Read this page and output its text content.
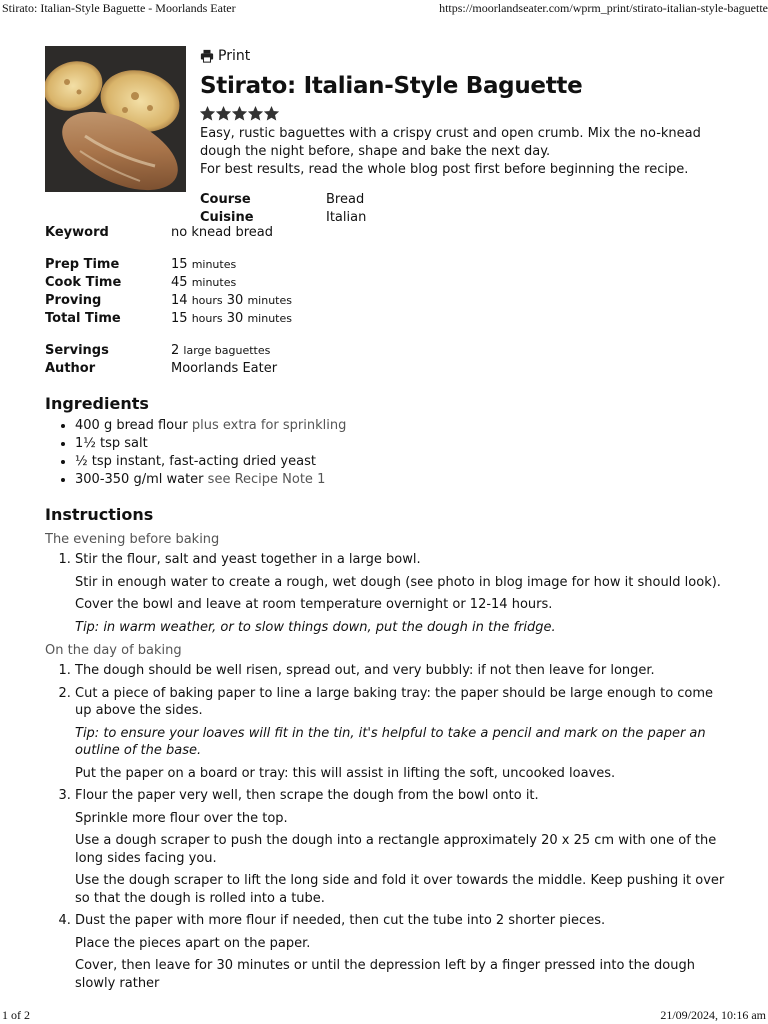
Stirato: Italian-Style Baguette - Moorlands Eater	https://moorlandseater.com/wprm_print/stirato-italian-style-baguette
Print
Stirato: Italian-Style Baguette

Easy, rustic baguettes with a crispy crust and open crumb. Mix the no-knead dough the night before, shape and bake the next day.

For best results, read the whole blog post first before beginning the recipe.

Course	Bread
Cuisine	Italian
Keyword	no knead bread
Prep Time	15 minutes
Cook Time	45 minutes
Proving	14 hours 30 minutes
Total Time	15 hours 30 minutes
Servings	2 large baguettes
Author	Moorlands Eater
Ingredients
• 400 g bread flour plus extra for sprinkling
• 1½ tsp salt
• ½ tsp instant, fast-acting dried yeast
• 300-350 g/ml water see Recipe Note 1
Instructions
The evening before baking

1. Stir the flour, salt and yeast together in a large bowl.

Stir in enough water to create a rough, wet dough (see photo in blog image for how it should look).

Cover the bowl and leave at room temperature overnight or 12-14 hours.

Tip: in warm weather, or to slow things down, put the dough in the fridge.

On the day of baking

1. The dough should be well risen, spread out, and very bubbly: if not then leave for longer.

2. Cut a piece of baking paper to line a large baking tray: the paper should be large enough to come up above the sides.

Tip: to ensure your loaves will fit in the tin, it's helpful to take a pencil and mark on the paper an outline of the base.

Put the paper on a board or tray: this will assist in lifting the soft, uncooked loaves.

3. Flour the paper very well, then scrape the dough from the bowl onto it.

Sprinkle more flour over the top.

Use a dough scraper to push the dough into a rectangle approximately 20 x 25 cm with one of the long sides facing you.

Use the dough scraper to lift the long side and fold it over towards the middle. Keep pushing it over so that the dough is rolled into a tube.

4. Dust the paper with more flour if needed, then cut the tube into 2 shorter pieces.

Place the pieces apart on the paper.

Cover, then leave for 30 minutes or until the depression left by a finger pressed into the dough slowly rather

1 of 2	21/09/2024, 10:16 am
